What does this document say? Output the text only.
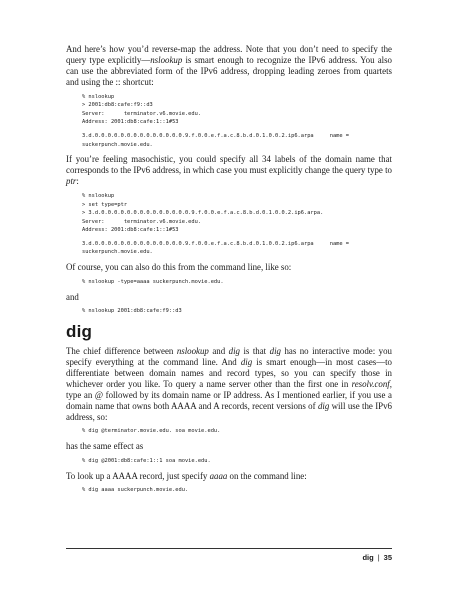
And here’s how you’d reverse-map the address. Note that you don’t need to specify the query type explicitly—nslookup is smart enough to recognize the IPv6 address. You also can use the abbreviated form of the IPv6 address, dropping leading zeroes from quartets and using the :: shortcut:

% nslookup
> 2001:db8:cafe:f9::d3
Server:      terminator.v6.movie.edu.
Address: 2001:db8:cafe:1::1#53
3.d.0.0.0.0.0.0.0.0.0.0.0.0.0.0.9.f.0.0.e.f.a.c.8.b.d.0.1.0.0.2.ip6.arpa     name =
suckerpunch.movie.edu.

If you’re feeling masochistic, you could specify all 34 labels of the domain name that corresponds to the IPv6 address, in which case you must explicitly change the query type to ptr:

% nslookup
> set type=ptr
> 3.d.0.0.0.0.0.0.0.0.0.0.0.0.0.0.9.f.0.0.e.f.a.c.8.b.d.0.1.0.0.2.ip6.arpa.
Server:      terminator.v6.movie.edu.
Address: 2001:db8:cafe:1::1#53
3.d.0.0.0.0.0.0.0.0.0.0.0.0.0.0.9.f.0.0.e.f.a.c.8.b.d.0.1.0.0.2.ip6.arpa     name =
suckerpunch.movie.edu.

Of course, you can also do this from the command line, like so:

% nslookup -type=aaaa suckerpunch.movie.edu.

and

% nslookup 2001:db8:cafe:f9::d3
dig

The chief difference between nslookup and dig is that dig has no interactive mode: you specify everything at the command line. And dig is smart enough—in most cases—to differentiate between domain names and record types, so you can specify those in whichever order you like. To query a name server other than the first one in resolv.conf, type an @ followed by its domain name or IP address. As I mentioned earlier, if you use a domain name that owns both AAAA and A records, recent versions of dig will use the IPv6 address, so:

% dig @terminator.movie.edu. soa movie.edu.

has the same effect as

% dig @2001:db8:cafe:1::1 soa movie.edu.

To look up a AAAA record, just specify aaaa on the command line:

% dig aaaa suckerpunch.movie.edu.
dig | 35
